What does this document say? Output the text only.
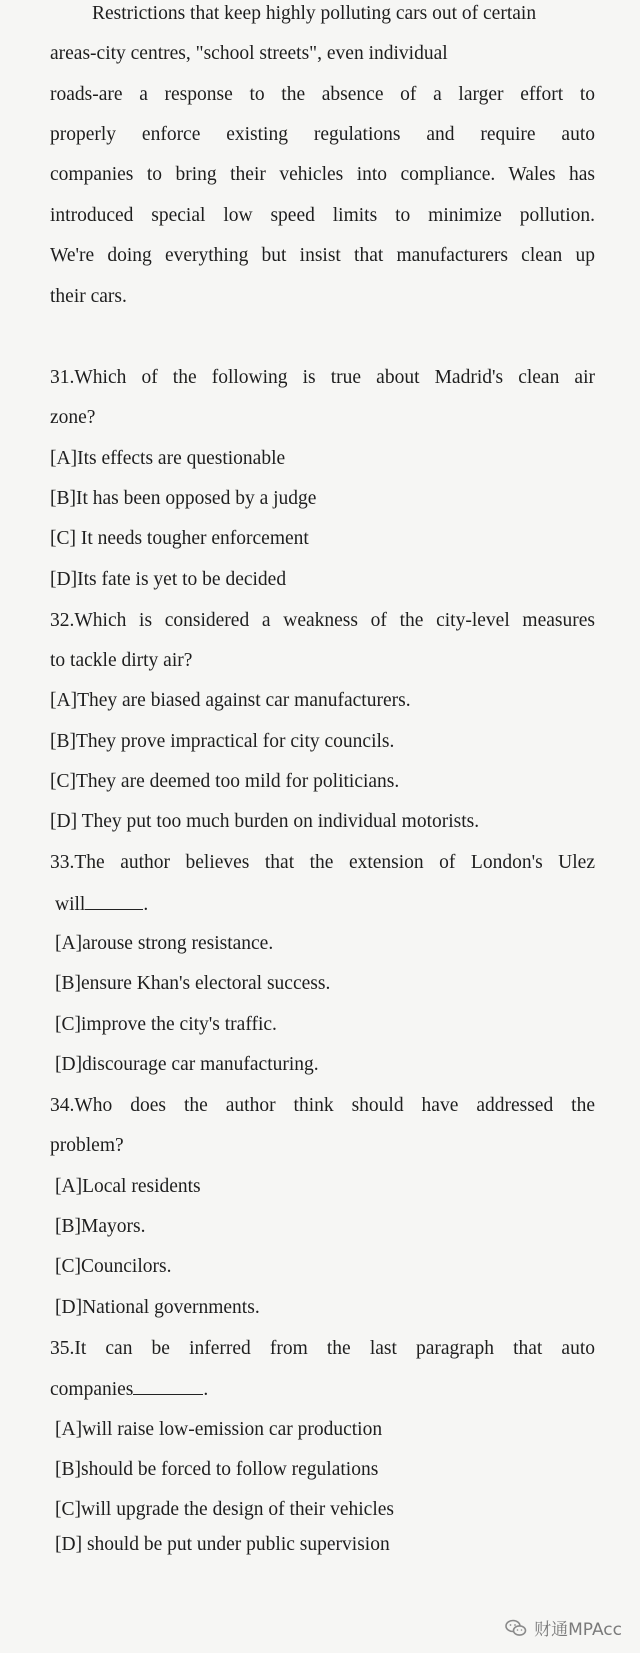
Restrictions that keep highly polluting cars out of certain
areas-city centres, "school streets", even individual
roads-are a response to the absence of a larger effort to
properly enforce existing regulations and require auto
companies to bring their vehicles into compliance. Wales has
introduced special low speed limits to minimize pollution.
We're doing everything but insist that manufacturers clean up
their cars.
31.Which of the following is true about Madrid's clean air
zone?
[A]Its effects are questionable
[B]It has been opposed by a judge
[C] It needs tougher enforcement
[D]Its fate is yet to be decided
32.Which is considered a weakness of the city-level measures
to tackle dirty air?
[A]They are biased against car manufacturers.
[B]They prove impractical for city councils.
[C]They are deemed too mild for politicians.
[D] They put too much burden on individual motorists.
33.The author believes that the extension of London's Ulez
will	.
[A]arouse strong resistance.
[B]ensure Khan's electoral success.
[C]improve the city's traffic.
[D]discourage car manufacturing.
34.Who does the author think should have addressed the
problem?
[A]Local residents
[B]Mayors.
[C]Councilors.
[D]National governments.
35.It can be inferred from the last paragraph that auto
companies	.
[A]will raise low-emission car production
[B]should be forced to follow regulations
[C]will upgrade the design of their vehicles
[D] should be put under public supervision
财通MPAcc
